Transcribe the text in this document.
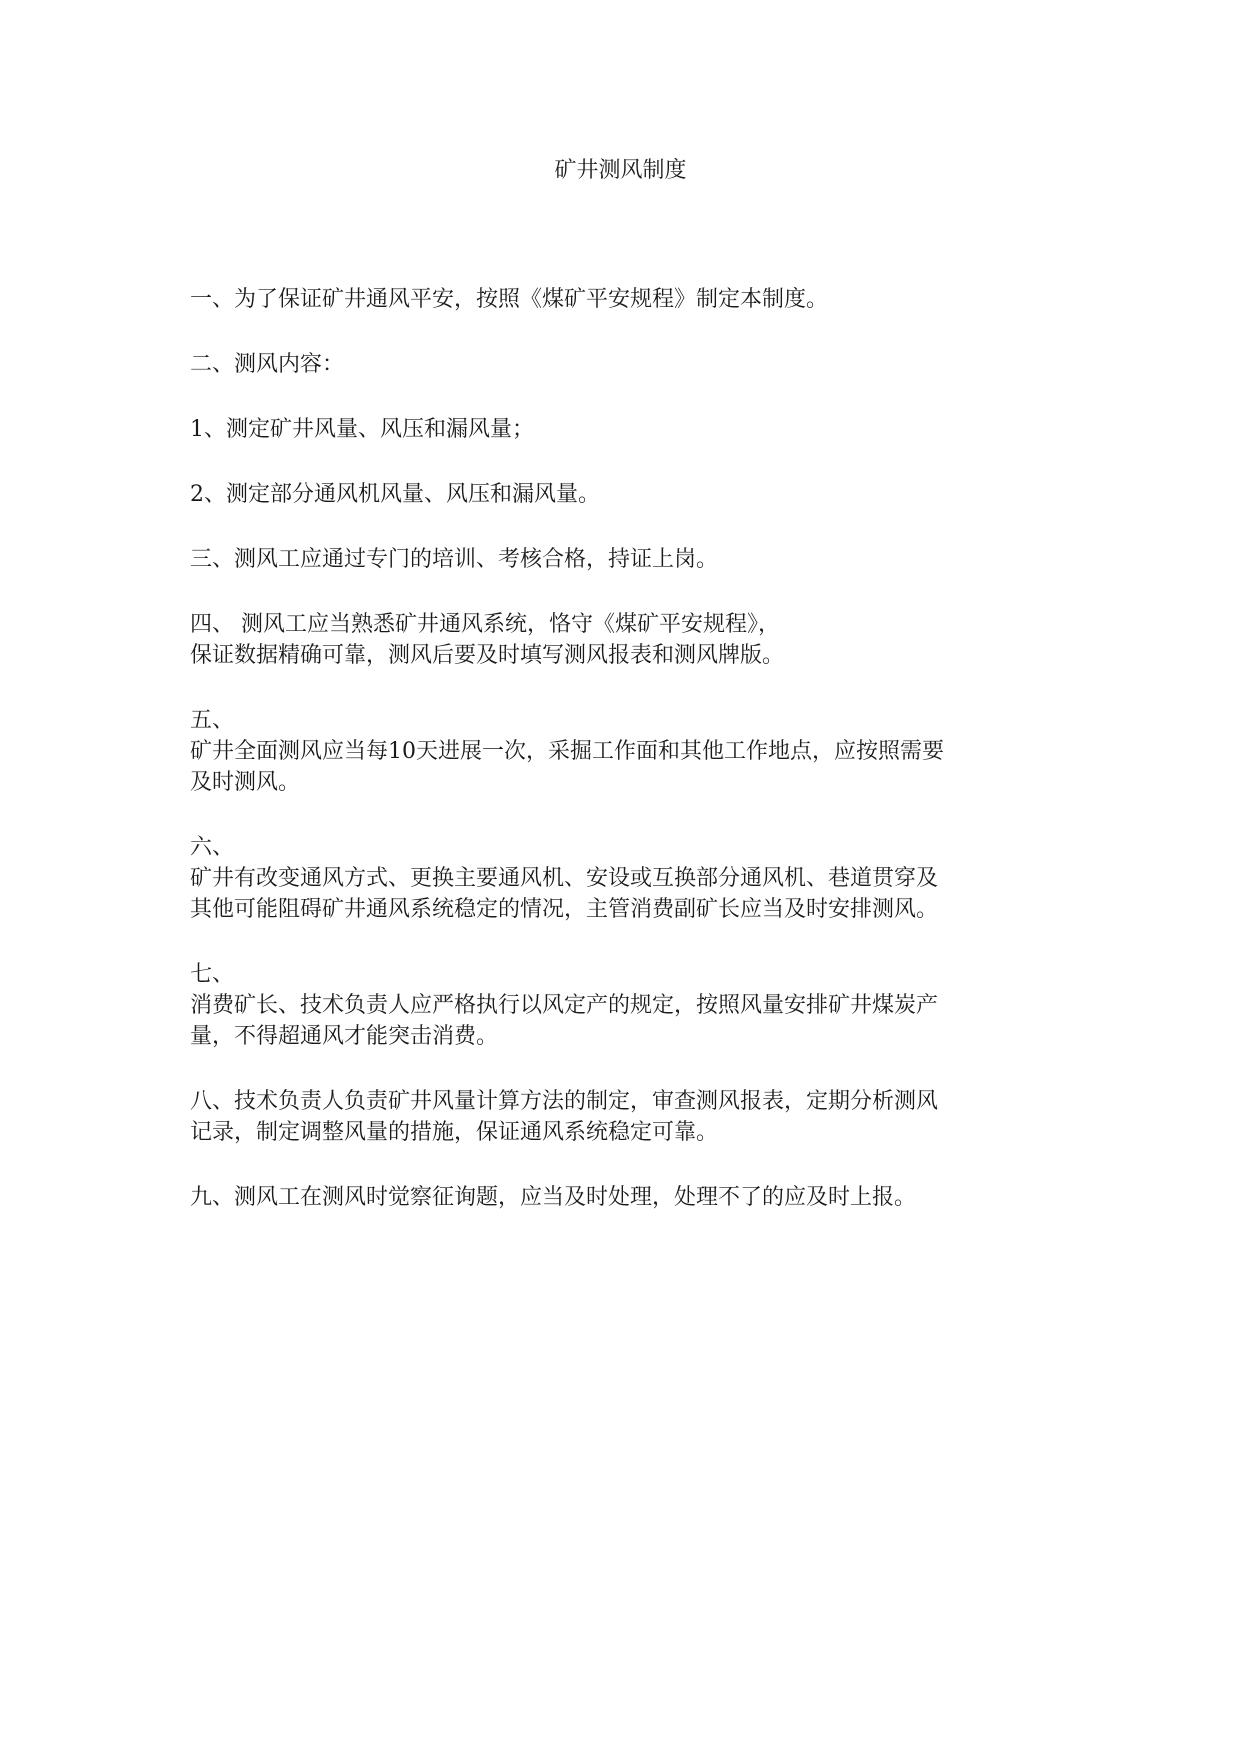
矿井测风制度

一、为了保证矿井通风平安，按照《煤矿平安规程》制定本制度。

二、测风内容：

1、测定矿井风量、风压和漏风量；

2、测定部分通风机风量、风压和漏风量。

三、测风工应通过专门的培训、考核合格，持证上岗。

四、 测风工应当熟悉矿井通风系统，恪守《煤矿平安规程》，
保证数据精确可靠，测风后要及时填写测风报表和测风牌版。

五、
矿井全面测风应当每10天进展一次，采掘工作面和其他工作地点，应按照需要
及时测风。

六、
矿井有改变通风方式、更换主要通风机、安设或互换部分通风机、巷道贯穿及
其他可能阻碍矿井通风系统稳定的情况，主管消费副矿长应当及时安排测风。

七、
消费矿长、技术负责人应严格执行以风定产的规定，按照风量安排矿井煤炭产
量，不得超通风才能突击消费。

八、技术负责人负责矿井风量计算方法的制定，审查测风报表，定期分析测风
记录，制定调整风量的措施，保证通风系统稳定可靠。

九、测风工在测风时觉察征询题，应当及时处理，处理不了的应及时上报。
